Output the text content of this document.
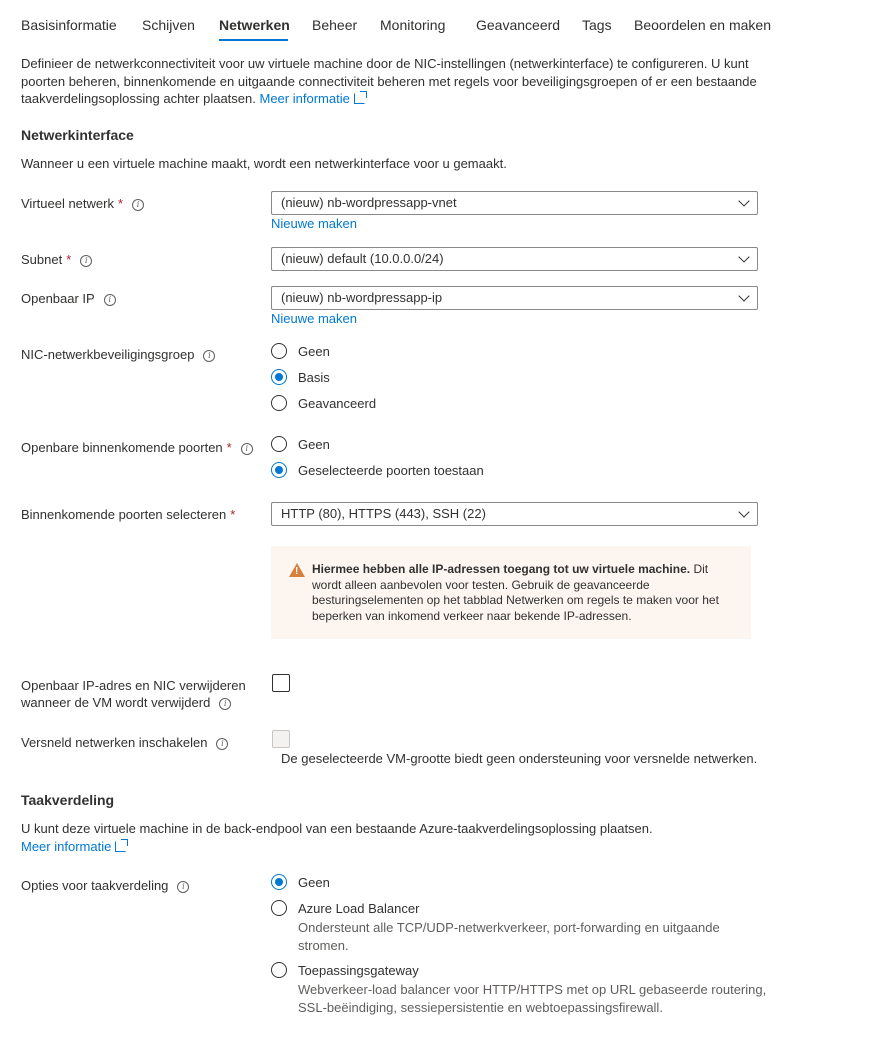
Basisinformatie Schijven Netwerken Beheer Monitoring Geavanceerd Tags Beoordelen en maken
Definieer de netwerkconnectiviteit voor uw virtuele machine door de NIC-instellingen (netwerkinterface) te configureren. U kunt poorten beheren, binnenkomende en uitgaande connectiviteit beheren met regels voor beveiligingsgroepen of er een bestaande taakverdelingsoplossing achter plaatsen. Meer informatie
Netwerkinterface
Wanneer u een virtuele machine maakt, wordt een netwerkinterface voor u gemaakt.
Virtueel netwerk * i	(nieuw) nb-wordpressapp-vnet
Nieuwe maken
Subnet * i	(nieuw) default (10.0.0.0/24)
Openbaar IP i	(nieuw) nb-wordpressapp-ip
Nieuwe maken
NIC-netwerkbeveiligingsgroep i	Geen
Basis
Geavanceerd
Openbare binnenkomende poorten * i	Geen
Geselecteerde poorten toestaan
Binnenkomende poorten selecteren *	HTTP (80), HTTPS (443), SSH (22)
! Hiermee hebben alle IP-adressen toegang tot uw virtuele machine. Dit wordt alleen aanbevolen voor testen. Gebruik de geavanceerde besturingselementen op het tabblad Netwerken om regels te maken voor het beperken van inkomend verkeer naar bekende IP-adressen.
Openbaar IP-adres en NIC verwijderen
wanneer de VM wordt verwijderd i
Versneld netwerken inschakelen i
De geselecteerde VM-grootte biedt geen ondersteuning voor versnelde netwerken.
Taakverdeling
U kunt deze virtuele machine in de back-endpool van een bestaande Azure-taakverdelingsoplossing plaatsen.
Meer informatie
Opties voor taakverdeling i	Geen
Azure Load Balancer
Ondersteunt alle TCP/UDP-netwerkverkeer, port-forwarding en uitgaande stromen.
Toepassingsgateway
Webverkeer-load balancer voor HTTP/HTTPS met op URL gebaseerde routering, SSL-beëindiging, sessiepersistentie en webtoepassingsfirewall.
